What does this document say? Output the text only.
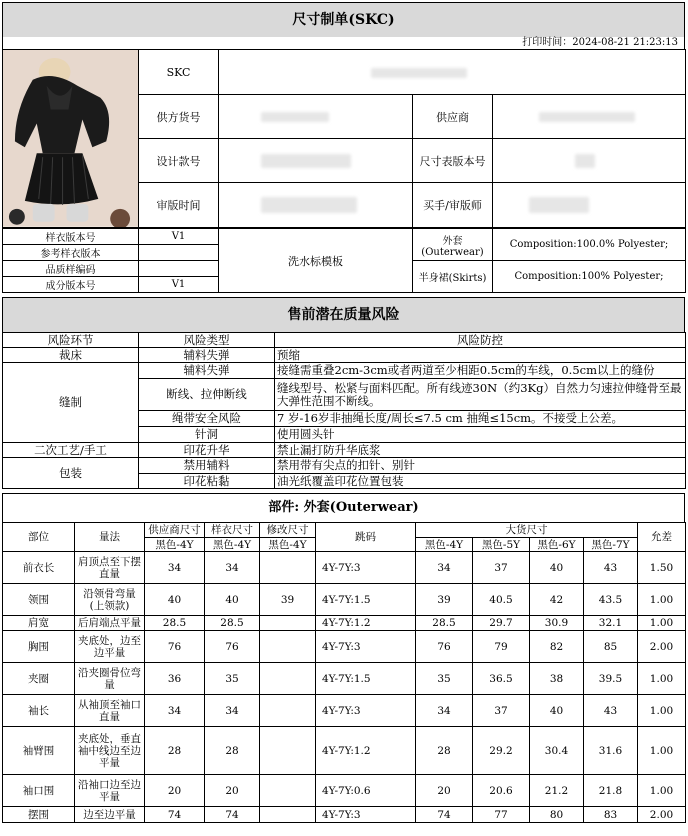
尺寸制单(SKC)
打印时间：2024-08-21 21:23:13
	SKC			
	供方货号		供应商	
	设计款号		尺寸表版本号	
	审版时间		买手/审版师	
样衣版本号	V1	洗水标模板	外套(Outerwear)	Composition:100.0% Polyester;
参考样衣版本				
品质样编码			半身裙(Skirts)	Composition:100% Polyester;
成分版本号	V1			
售前潜在质量风险
风险环节	风险类型	风险防控
裁床	辅料失弹	预缩
缝制	辅料失弹	接缝需重叠2cm-3cm或者两道至少相距0.5cm的车线，0.5cm以上的缝份
	断线、拉伸断线	缝线型号、松紧与面料匹配。所有线迹30N（约3Kg）自然力匀速拉伸缝骨至最大弹性范围不断线。
	绳带安全风险	7 岁-16岁非抽绳长度/周长≤7.5 cm 抽绳≤15cm。不接受上公差。
	针洞	使用圆头针
二次工艺/手工	印花升华	禁止漏打防升华底浆
包装	禁用辅料	禁用带有尖点的扣针、别针
	印花粘黏	油光纸覆盖印花位置包装
部件: 外套(Outerwear)
部位	量法	供应商尺寸	样衣尺寸	修改尺寸	跳码	大货尺寸				允差
		黑色-4Y	黑色-4Y	黑色-4Y		黑色-4Y	黑色-5Y	黑色-6Y	黑色-7Y	
前衣长	肩顶点至下摆直量	34	34		4Y-7Y:3	34	37	40	43	1.50
领围	沿领骨弯量(上领款)	40	40	39	4Y-7Y:1.5	39	40.5	42	43.5	1.00
肩宽	后肩端点平量	28.5	28.5		4Y-7Y:1.2	28.5	29.7	30.9	32.1	1.00
胸围	夹底处，边至边平量	76	76		4Y-7Y:3	76	79	82	85	2.00
夹圈	沿夹圈骨位弯量	36	35		4Y-7Y:1.5	35	36.5	38	39.5	1.00
袖长	从袖顶至袖口直量	34	34		4Y-7Y:3	34	37	40	43	1.00
袖臂围	夹底处，垂直袖中线边至边平量	28	28		4Y-7Y:1.2	28	29.2	30.4	31.6	1.00
袖口围	沿袖口边至边平量	20	20		4Y-7Y:0.6	20	20.6	21.2	21.8	1.00
摆围	边至边平量	74	74		4Y-7Y:3	74	77	80	83	2.00
